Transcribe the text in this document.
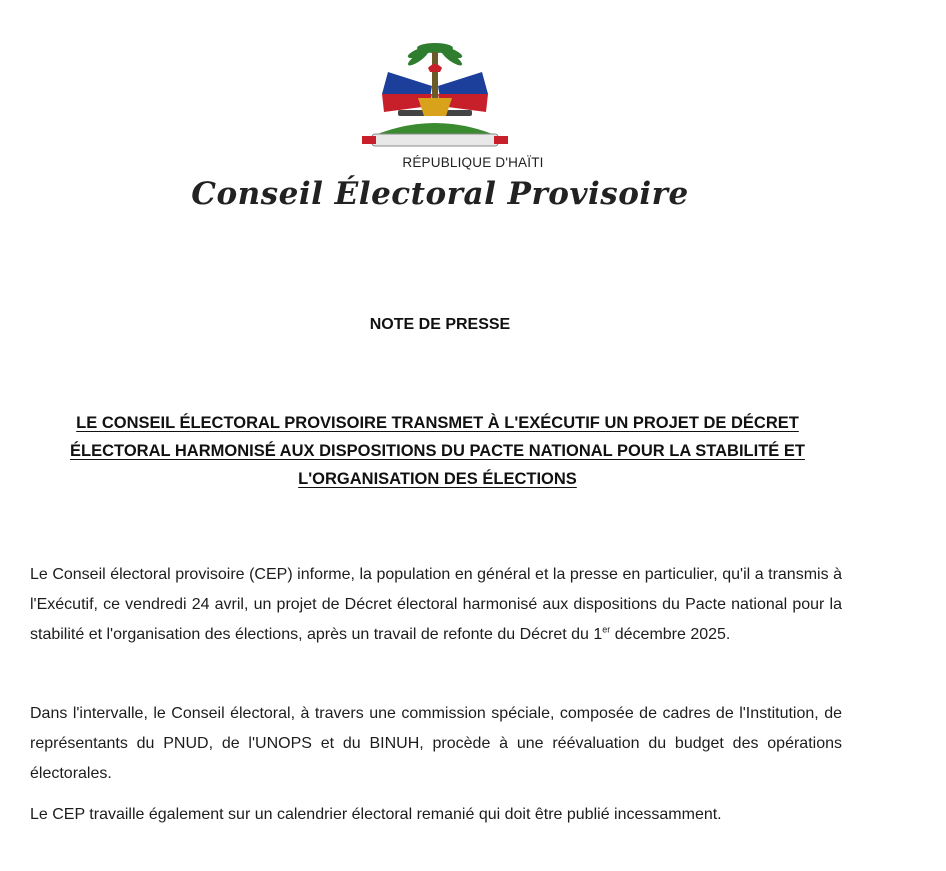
RÉPUBLIQUE D'HAÏTI
Conseil Électoral Provisoire
NOTE DE PRESSE
LE CONSEIL ÉLECTORAL PROVISOIRE TRANSMET À L'EXÉCUTIF UN PROJET DE DÉCRET ÉLECTORAL HARMONISÉ AUX DISPOSITIONS DU PACTE NATIONAL POUR LA STABILITÉ ET L'ORGANISATION DES ÉLECTIONS

Le Conseil électoral provisoire (CEP) informe, la population en général et la presse en particulier, qu'il a transmis à l'Exécutif, ce vendredi 24 avril, un projet de Décret électoral harmonisé aux dispositions du Pacte national pour la stabilité et l'organisation des élections, après un travail de refonte du Décret du 1er décembre 2025.

Dans l'intervalle, le Conseil électoral, à travers une commission spéciale, composée de cadres de l'Institution, de représentants du PNUD, de l'UNOPS et du BINUH, procède à une réévaluation du budget des opérations électorales.

Le CEP travaille également sur un calendrier électoral remanié qui doit être publié incessamment.
